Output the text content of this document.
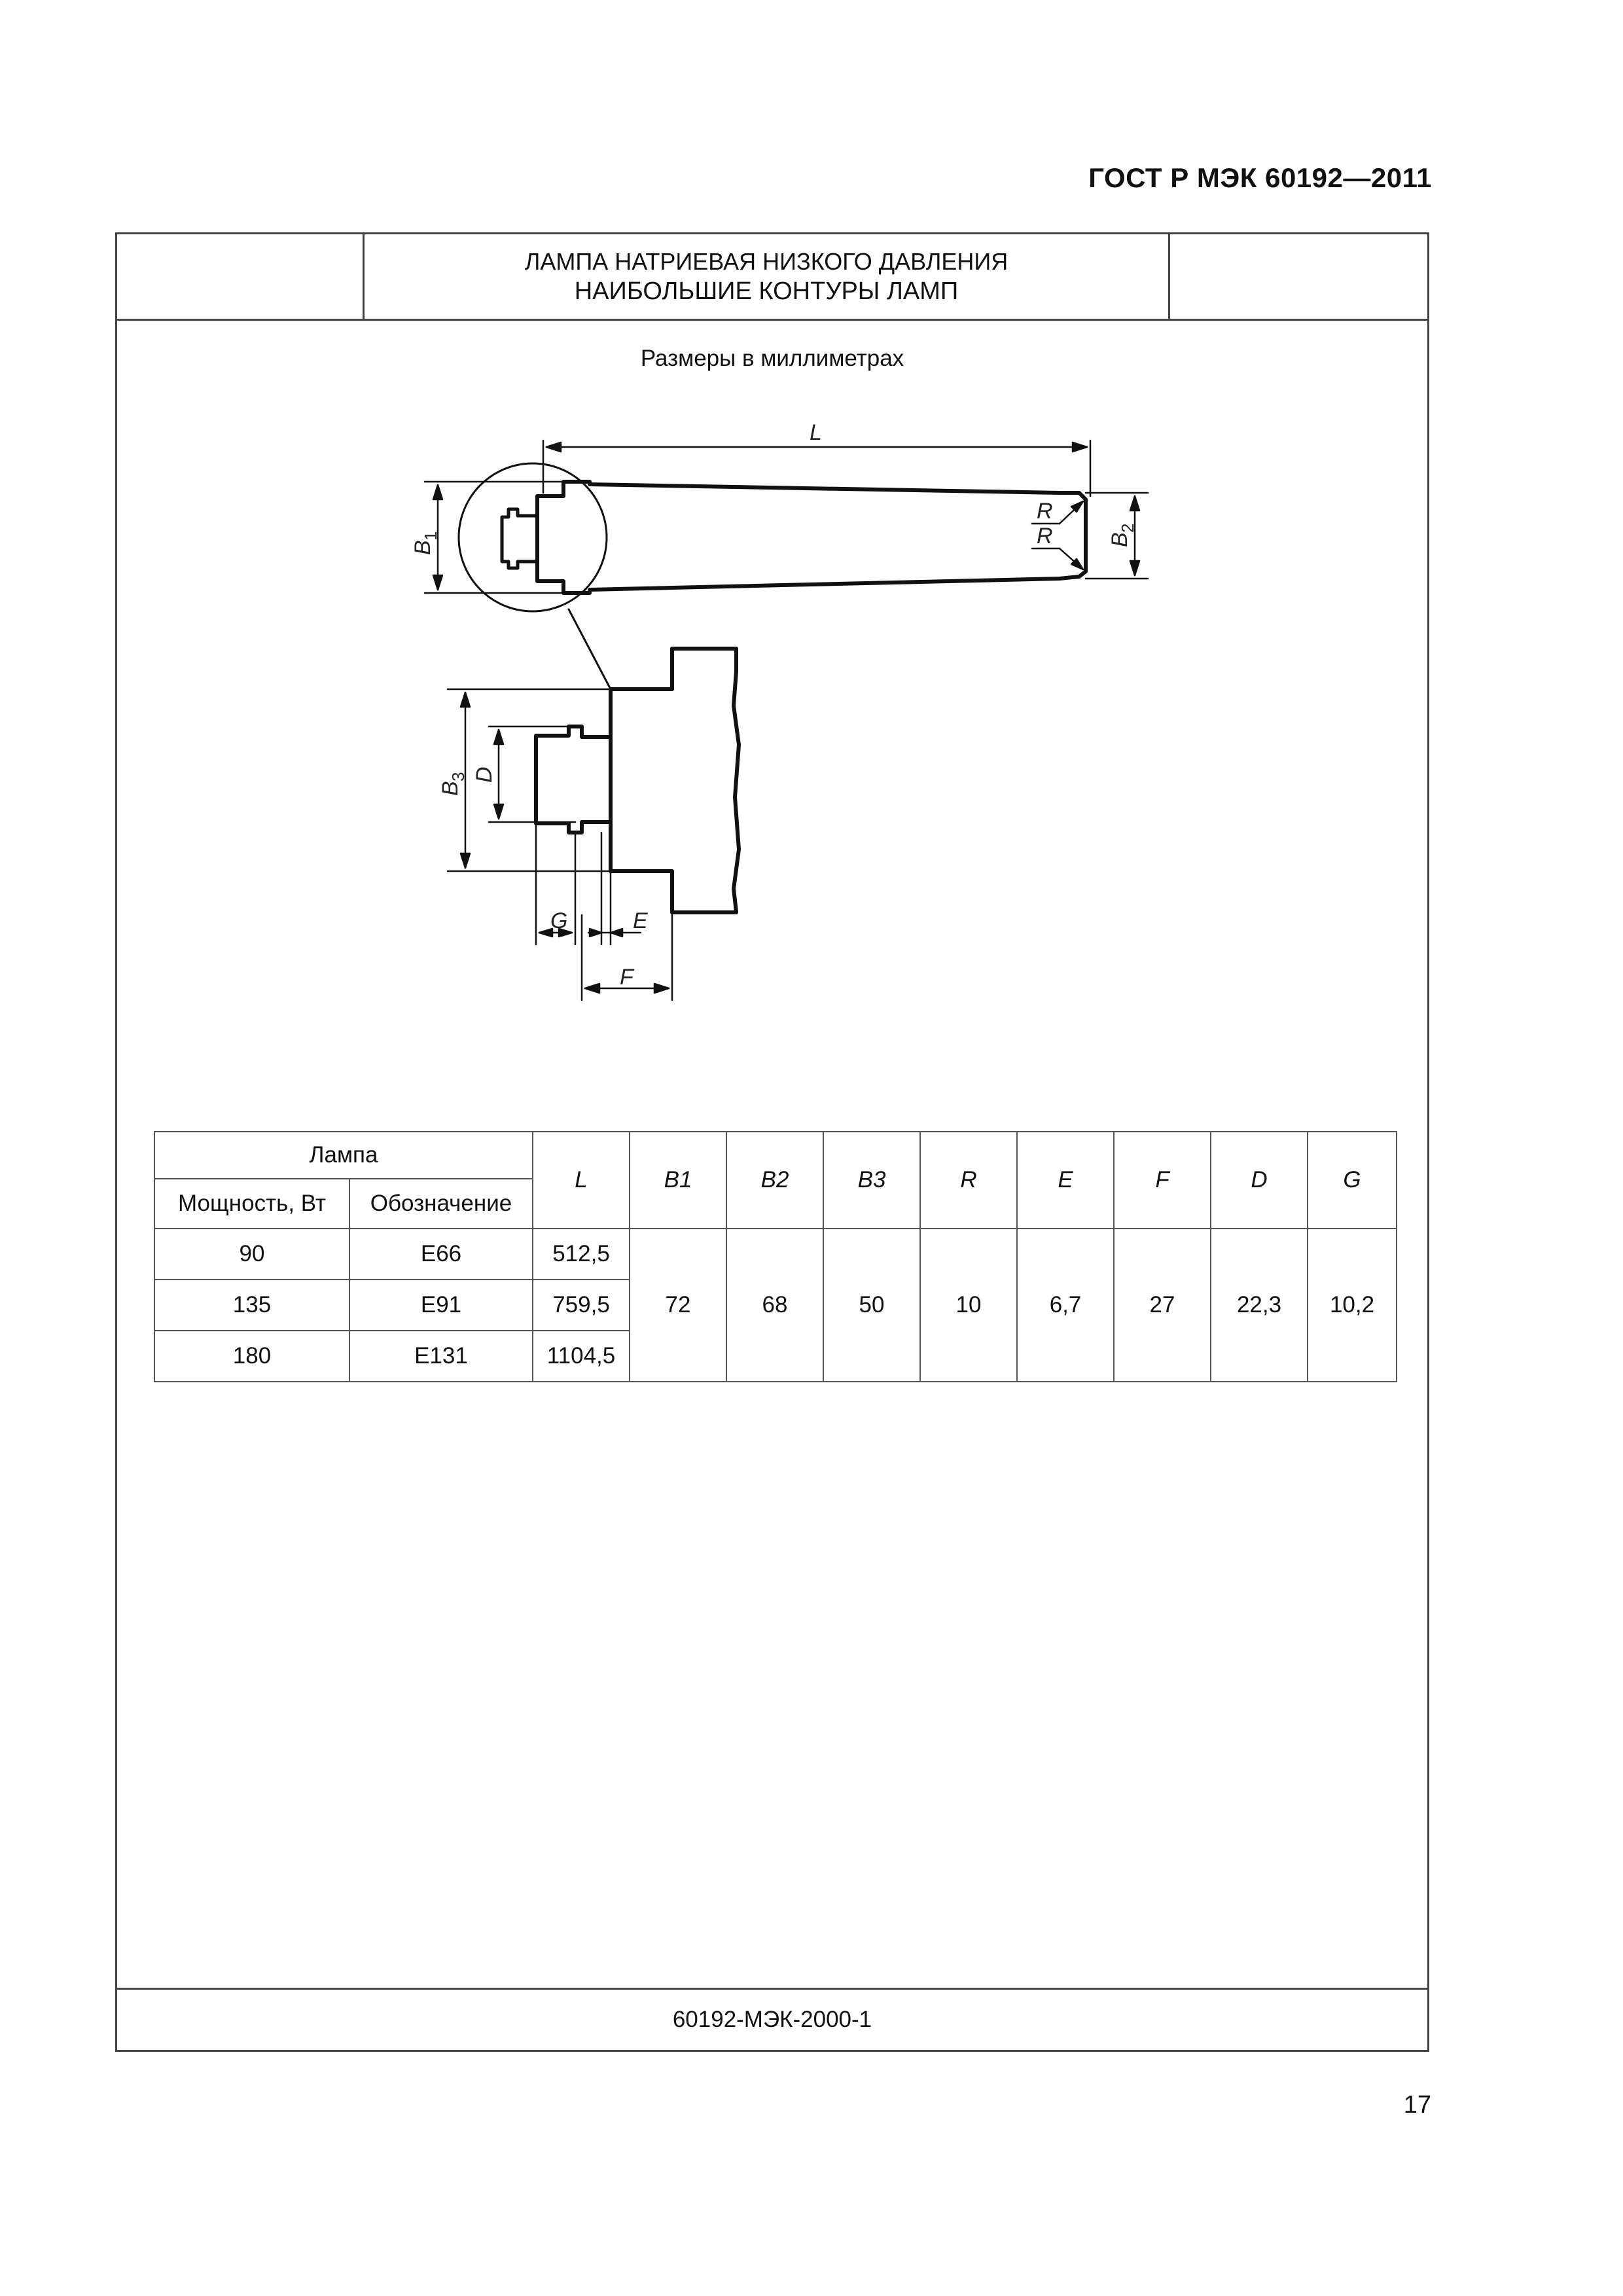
ГОСТ Р МЭК 60192—2011
ЛАМПА НАТРИЕВАЯ НИЗКОГО ДАВЛЕНИЯ
НАИБОЛЬШИЕ КОНТУРЫ ЛАМП
Размеры в миллиметрах
L
B
1	B
2
R
R
B
3 D
G	E
F
Лампа		L	B1	B2	B3	R	E	F	D	G
Мощность, Вт	Обозначение									
90	E66	512,5	72	68	50	10	6,7	27	22,3	10,2
135	E91	759,5								
180	E131	1104,5								
60192-МЭК-2000-1
17
